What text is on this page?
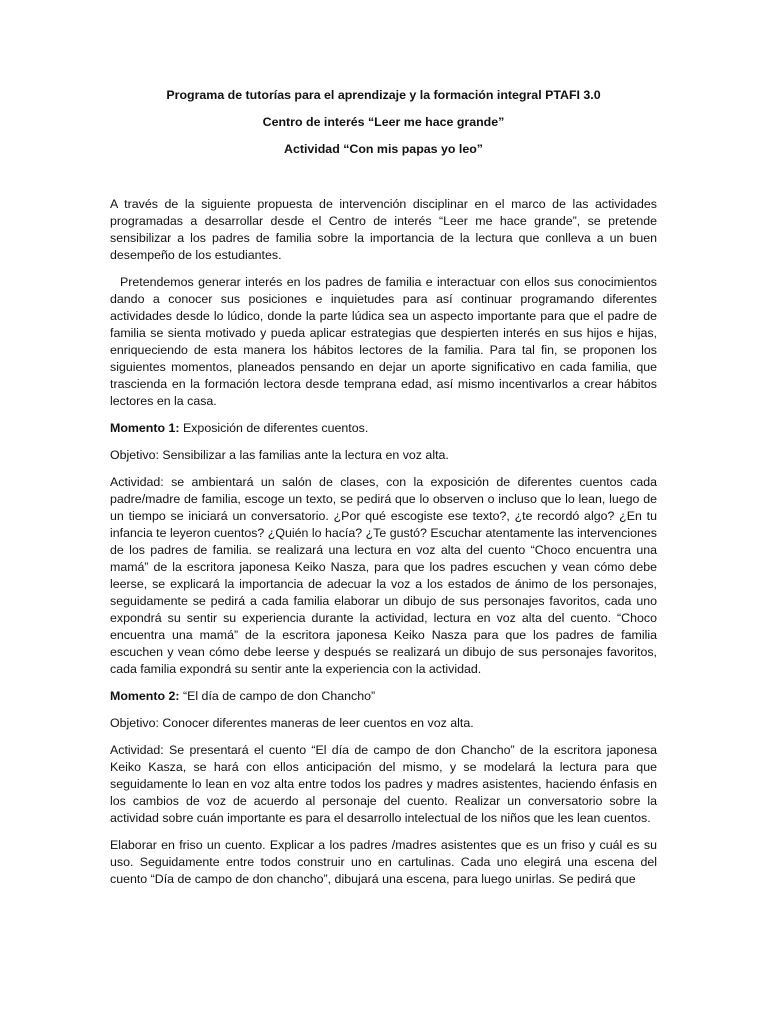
Programa de tutorías para el aprendizaje y la formación integral PTAFI 3.0
Centro de interés “Leer me hace grande”
Actividad “Con mis papas yo leo”

A través de la siguiente propuesta de intervención disciplinar en el marco de las actividades programadas a desarrollar desde el Centro de interés “Leer me hace grande”, se pretende sensibilizar a los padres de familia sobre la importancia de la lectura que conlleva a un buen desempeño de los estudiantes.

Pretendemos generar interés en los padres de familia e interactuar con ellos sus conocimientos dando a conocer sus posiciones e inquietudes para así continuar programando diferentes actividades desde lo lúdico, donde la parte lúdica sea un aspecto importante para que el padre de familia se sienta motivado y pueda aplicar estrategias que despierten interés en sus hijos e hijas, enriqueciendo de esta manera los hábitos lectores de la familia. Para tal fin, se proponen los siguientes momentos, planeados pensando en dejar un aporte significativo en cada familia, que trascienda en la formación lectora desde temprana edad, así mismo incentivarlos a crear hábitos lectores en la casa.

Momento 1: Exposición de diferentes cuentos.

Objetivo: Sensibilizar a las familias ante la lectura en voz alta.

Actividad: se ambientará un salón de clases, con la exposición de diferentes cuentos cada padre/madre de familia, escoge un texto, se pedirá que lo observen o incluso que lo lean, luego de un tiempo se iniciará un conversatorio. ¿Por qué escogiste ese texto?, ¿te recordó algo? ¿En tu infancia te leyeron cuentos? ¿Quién lo hacía? ¿Te gustó? Escuchar atentamente las intervenciones de los padres de familia. se realizará una lectura en voz alta del cuento “Choco encuentra una mamá” de la escritora japonesa Keiko Nasza, para que los padres escuchen y vean cómo debe leerse, se explicará la importancia de adecuar la voz a los estados de ánimo de los personajes, seguidamente se pedirá a cada familia elaborar un dibujo de sus personajes favoritos, cada uno expondrá su sentir su experiencia durante la actividad, lectura en voz alta del cuento. “Choco encuentra una mamá” de la escritora japonesa Keiko Nasza para que los padres de familia escuchen y vean cómo debe leerse y después se realizará un dibujo de sus personajes favoritos, cada familia expondrá su sentir ante la experiencia con la actividad.

Momento 2: “El día de campo de don Chancho”

Objetivo: Conocer diferentes maneras de leer cuentos en voz alta.

Actividad: Se presentará el cuento “El día de campo de don Chancho” de la escritora japonesa Keiko Kasza, se hará con ellos anticipación del mismo, y se modelará la lectura para que seguidamente lo lean en voz alta entre todos los padres y madres asistentes, haciendo énfasis en los cambios de voz de acuerdo al personaje del cuento. Realizar un conversatorio sobre la actividad sobre cuán importante es para el desarrollo intelectual de los niños que les lean cuentos.

Elaborar en friso un cuento. Explicar a los padres /madres asistentes que es un friso y cuál es su uso. Seguidamente entre todos construir uno en cartulinas. Cada uno elegirá una escena del cuento “Día de campo de don chancho”, dibujará una escena, para luego unirlas. Se pedirá que
